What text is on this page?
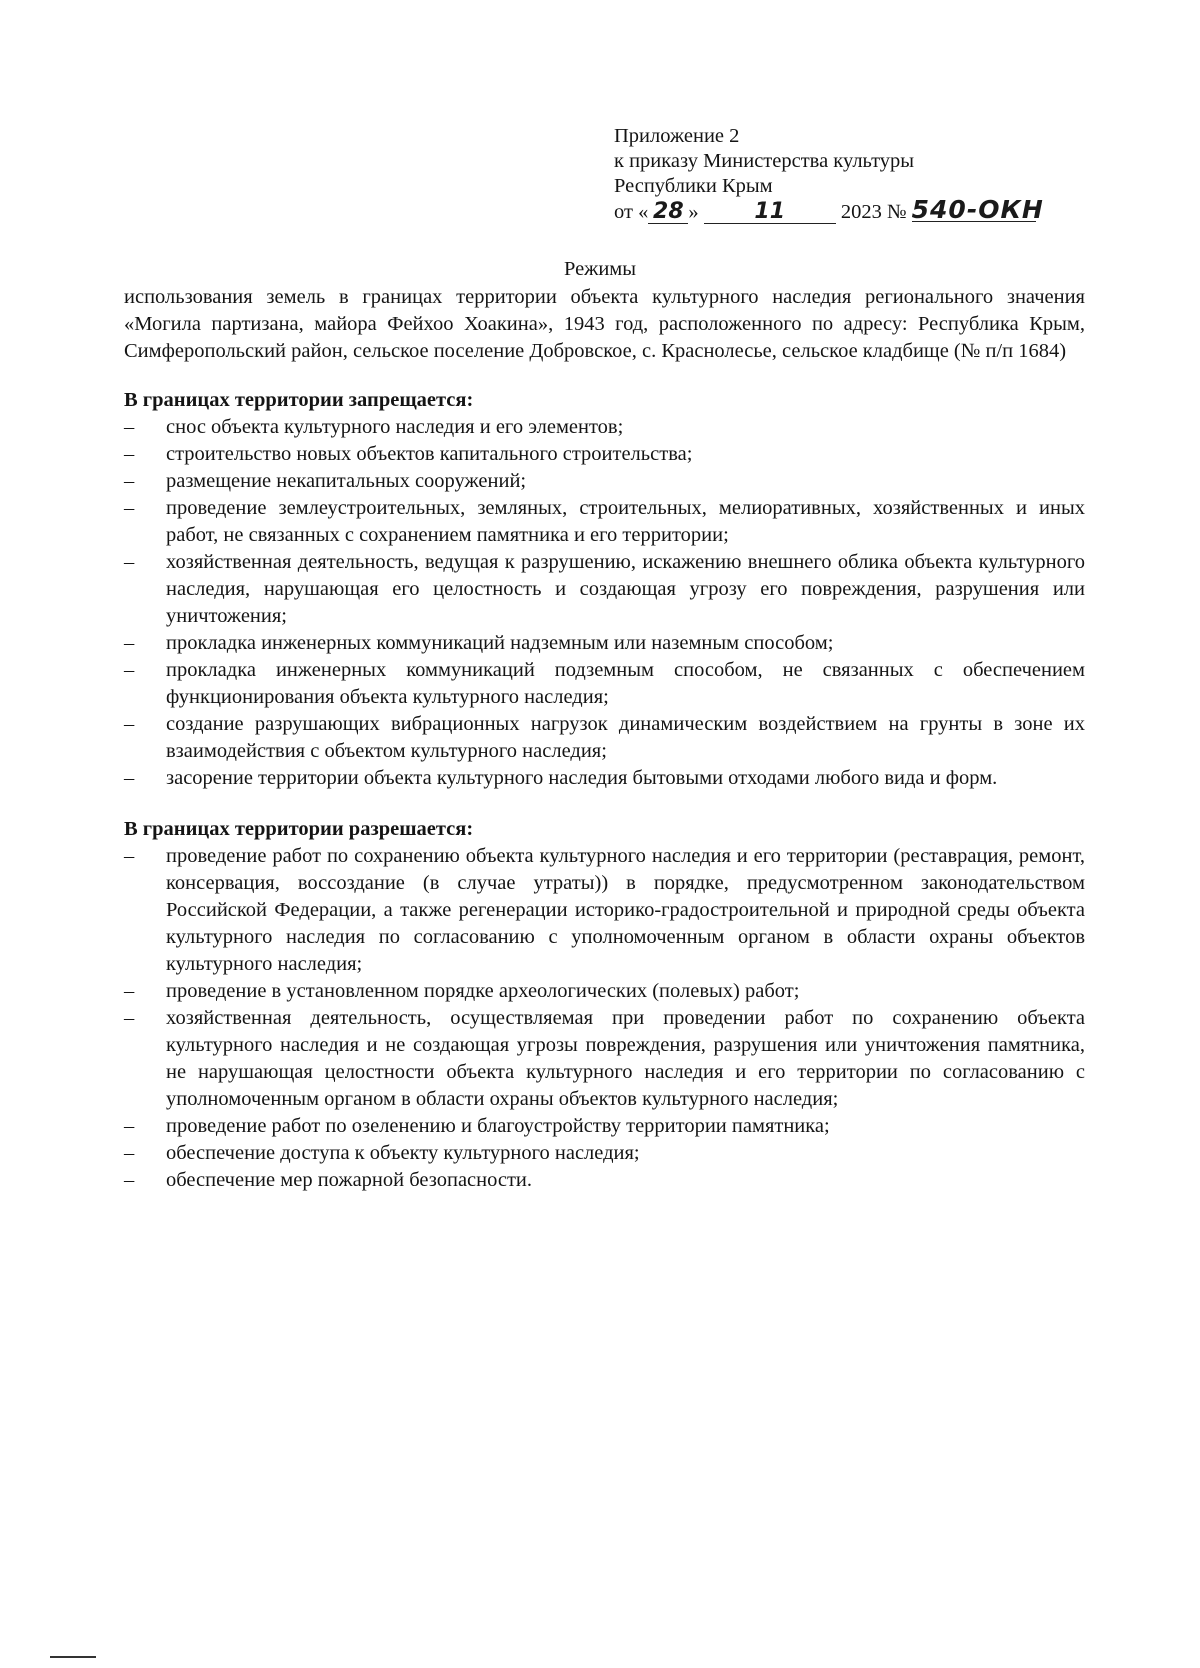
Приложение 2
к приказу Министерства культуры
Республики Крым
от « 28 »	11	2023 № 540-ОКН
Режимы

использования земель в границах территории объекта культурного наследия регионального значения «Могила партизана, майора Фейхоо Хоакина», 1943 год, расположенного по адресу: Республика Крым, Симферопольский район, сельское поселение Добровское, с. Краснолесье, сельское кладбище (№ п/п 1684)

В границах территории запрещается:
–	снос объекта культурного наследия и его элементов;
–	строительство новых объектов капитального строительства;
–	размещение некапитальных сооружений;
–	проведение землеустроительных, земляных, строительных, мелиоративных, хозяйственных и иных работ, не связанных с сохранением памятника и его территории;
–	хозяйственная деятельность, ведущая к разрушению, искажению внешнего облика объекта культурного наследия, нарушающая его целостность и создающая угрозу его повреждения, разрушения или уничтожения;
–	прокладка инженерных коммуникаций надземным или наземным способом;
–	прокладка инженерных коммуникаций подземным способом, не связанных с обеспечением функционирования объекта культурного наследия;
–	создание разрушающих вибрационных нагрузок динамическим воздействием на грунты в зоне их взаимодействия с объектом культурного наследия;
–	засорение территории объекта культурного наследия бытовыми отходами любого вида и форм.
В границах территории разрешается:
–	проведение работ по сохранению объекта культурного наследия и его территории (реставрация, ремонт, консервация, воссоздание (в случае утраты)) в порядке, предусмотренном законодательством Российской Федерации, а также регенерации историко-градостроительной и природной среды объекта культурного наследия по согласованию с уполномоченным органом в области охраны объектов культурного наследия;
–	проведение в установленном порядке археологических (полевых) работ;
–	хозяйственная деятельность, осуществляемая при проведении работ по сохранению объекта культурного наследия и не создающая угрозы повреждения, разрушения или уничтожения памятника, не нарушающая целостности объекта культурного наследия и его территории по согласованию с уполномоченным органом в области охраны объектов культурного наследия;
–	проведение работ по озеленению и благоустройству территории памятника;
–	обеспечение доступа к объекту культурного наследия;
–	обеспечение мер пожарной безопасности.
